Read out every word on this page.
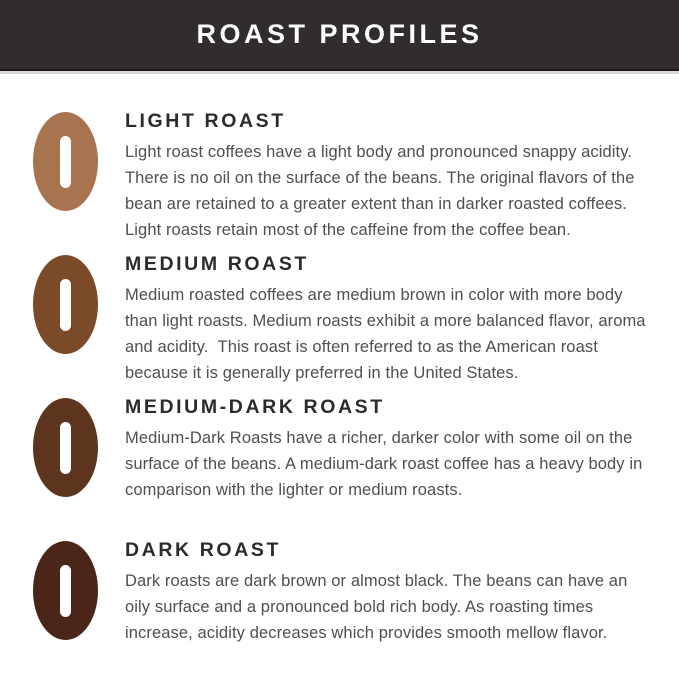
ROAST PROFILES
LIGHT ROAST

Light roast coffees have a light body and pronounced snappy acidity. There is no oil on the surface of the beans. The original flavors of the bean are retained to a greater extent than in darker roasted coffees. Light roasts retain most of the caffeine from the coffee bean.

MEDIUM ROAST

Medium roasted coffees are medium brown in color with more body than light roasts. Medium roasts exhibit a more balanced flavor, aroma and acidity.  This roast is often referred to as the American roast because it is generally preferred in the United States.

MEDIUM-DARK ROAST

Medium-Dark Roasts have a richer, darker color with some oil on the surface of the beans. A medium-dark roast coffee has a heavy body in comparison with the lighter or medium roasts.

DARK ROAST

Dark roasts are dark brown or almost black. The beans can have an oily surface and a pronounced bold rich body. As roasting times increase, acidity decreases which provides smooth mellow flavor.
